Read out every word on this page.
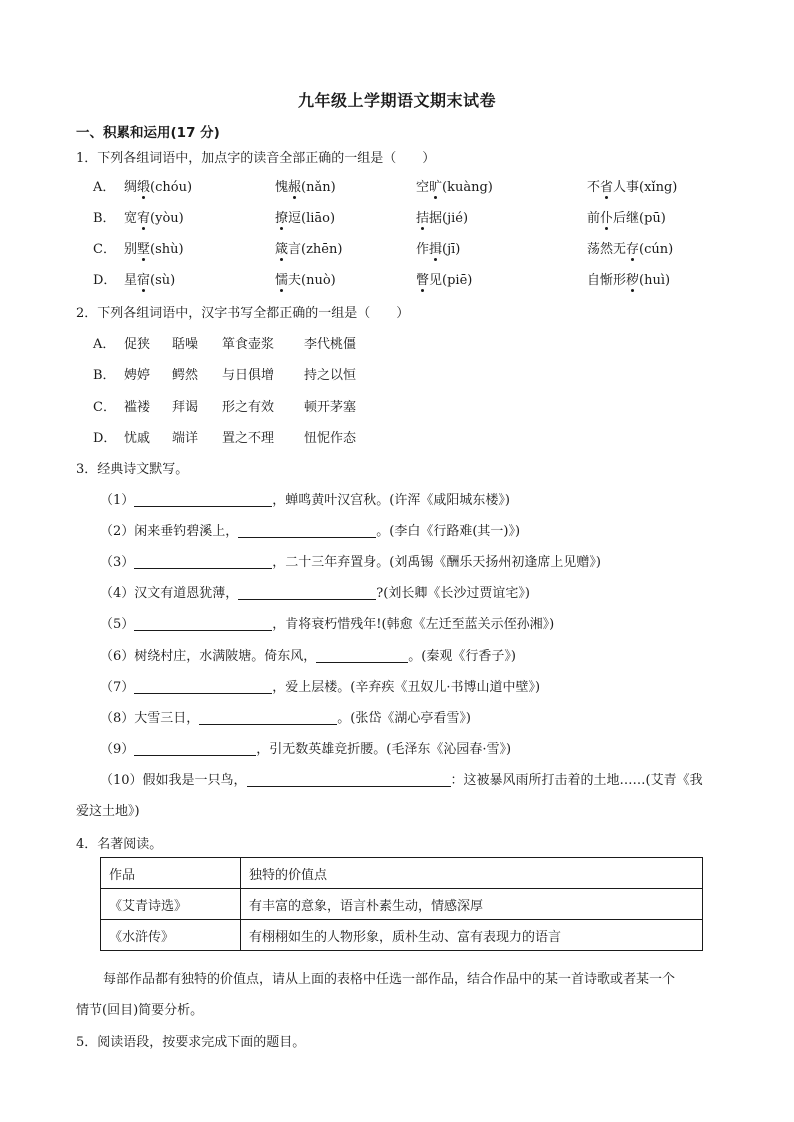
九年级上学期语文期末试卷
一、积累和运用(17 分)
1．下列各组词语中，加点字的读音全部正确的一组是（　　）
A． 绸缎(chóu)	愧赧(nǎn)	空旷(kuàng)	不省人事(xǐng)
B． 宽宥(yòu)	撩逗(liāo)	拮据(jié)	前仆后继(pū)
C． 别墅(shù)	箴言(zhēn)	作揖(jī)	荡然无存(cún)
D． 星宿(sù)	懦夫(nuò)	瞥见(piē)	自惭形秽(huì)
2．下列各组词语中，汉字书写全都正确的一组是（　　）
A． 促狭 聒噪 箪食壶浆 李代桃僵
B． 娉婷 鳄然 与日俱增 持之以恒
C． 褴褛 拜谒 形之有效 顿开茅塞
D． 忧戚 端详 置之不理 忸怩作态
3．经典诗文默写。
（1）	，蝉鸣黄叶汉宫秋。(许浑《咸阳城东楼》)
（2）闲来垂钓碧溪上，	。(李白《行路难(其一)》)
（3）	，二十三年弃置身。(刘禹锡《酬乐天扬州初逢席上见赠》)
（4）汉文有道恩犹薄，	?(刘长卿《长沙过贾谊宅》)
（5）	，肯将衰朽惜残年!(韩愈《左迁至蓝关示侄孙湘》)
（6）树绕村庄，水满陂塘。倚东风，	。(秦观《行香子》)
（7）	，爱上层楼。(辛弃疾《丑奴儿·书博山道中壁》)
（8）大雪三日，	。(张岱《湖心亭看雪》)
（9）	，引无数英雄竞折腰。(毛泽东《沁园春·雪》)
（10）假如我是一只鸟，	：这被暴风雨所打击着的土地……(艾青《我
爱这土地》)
4．名著阅读。
作品	独特的价值点
《艾青诗选》	有丰富的意象，语言朴素生动，情感深厚
《水浒传》	有栩栩如生的人物形象，质朴生动、富有表现力的语言
每部作品都有独特的价值点，请从上面的表格中任选一部作品，结合作品中的某一首诗歌或者某一个
情节(回目)简要分析。
5．阅读语段，按要求完成下面的题目。
